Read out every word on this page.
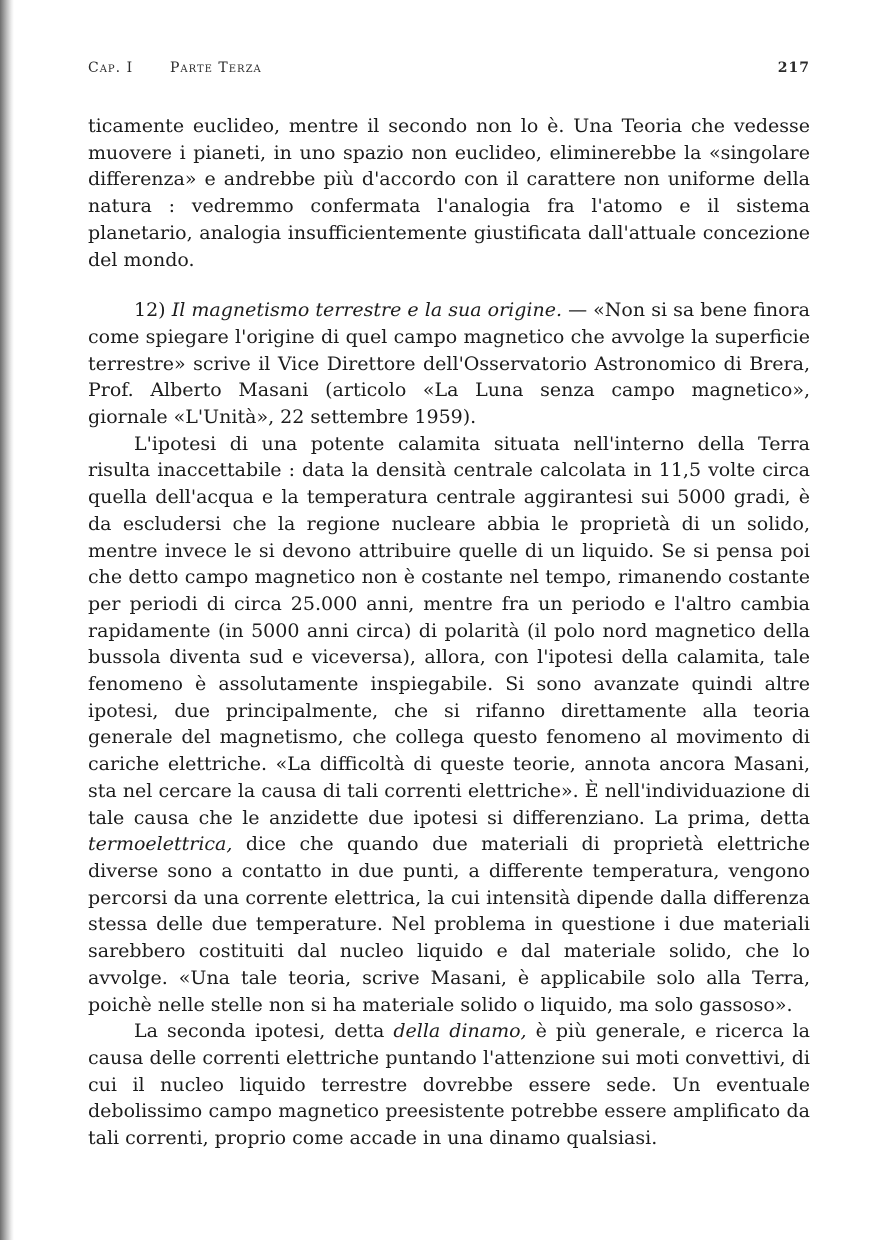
Cap. I	Parte Terza	217

ticamente euclideo, mentre il secondo non lo è. Una Teoria che vedesse muovere i pianeti, in uno spazio non euclideo, eliminerebbe la «singolare differenza» e andrebbe più d'accordo con il carattere non uniforme della natura : vedremmo confermata l'analogia fra l'atomo e il sistema planetario, analogia insufficientemente giustificata dall'attuale concezione del mondo.

12) Il magnetismo terrestre e la sua origine. — «Non si sa bene finora come spiegare l'origine di quel campo magnetico che avvolge la superficie terrestre» scrive il Vice Direttore dell'Osservatorio Astronomico di Brera, Prof. Alberto Masani (articolo «La Luna senza campo magnetico», giornale «L'Unità», 22 settembre 1959).

L'ipotesi di una potente calamita situata nell'interno della Terra risulta inaccettabile : data la densità centrale calcolata in 11,5 volte circa quella dell'acqua e la temperatura centrale aggirantesi sui 5000 gradi, è da escludersi che la regione nucleare abbia le proprietà di un solido, mentre invece le si devono attribuire quelle di un liquido. Se si pensa poi che detto campo magnetico non è costante nel tempo, rimanendo costante per periodi di circa 25.000 anni, mentre fra un periodo e l'altro cambia rapidamente (in 5000 anni circa) di polarità (il polo nord magnetico della bussola diventa sud e viceversa), allora, con l'ipotesi della calamita, tale fenomeno è assolutamente inspiegabile. Si sono avanzate quindi altre ipotesi, due principalmente, che si rifanno direttamente alla teoria generale del magnetismo, che collega questo fenomeno al movimento di cariche elettriche. «La difficoltà di queste teorie, annota ancora Masani, sta nel cercare la causa di tali correnti elettriche». È nell'individuazione di tale causa che le anzidette due ipotesi si differenziano. La prima, detta termoelettrica, dice che quando due materiali di proprietà elettriche diverse sono a contatto in due punti, a differente temperatura, vengono percorsi da una corrente elettrica, la cui intensità dipende dalla differenza stessa delle due temperature. Nel problema in questione i due materiali sarebbero costituiti dal nucleo liquido e dal materiale solido, che lo avvolge. «Una tale teoria, scrive Masani, è applicabile solo alla Terra, poichè nelle stelle non si ha materiale solido o liquido, ma solo gassoso».

La seconda ipotesi, detta della dinamo, è più generale, e ricerca la causa delle correnti elettriche puntando l'attenzione sui moti convettivi, di cui il nucleo liquido terrestre dovrebbe essere sede. Un eventuale debolissimo campo magnetico preesistente potrebbe essere amplificato da tali correnti, proprio come accade in una dinamo qualsiasi.
